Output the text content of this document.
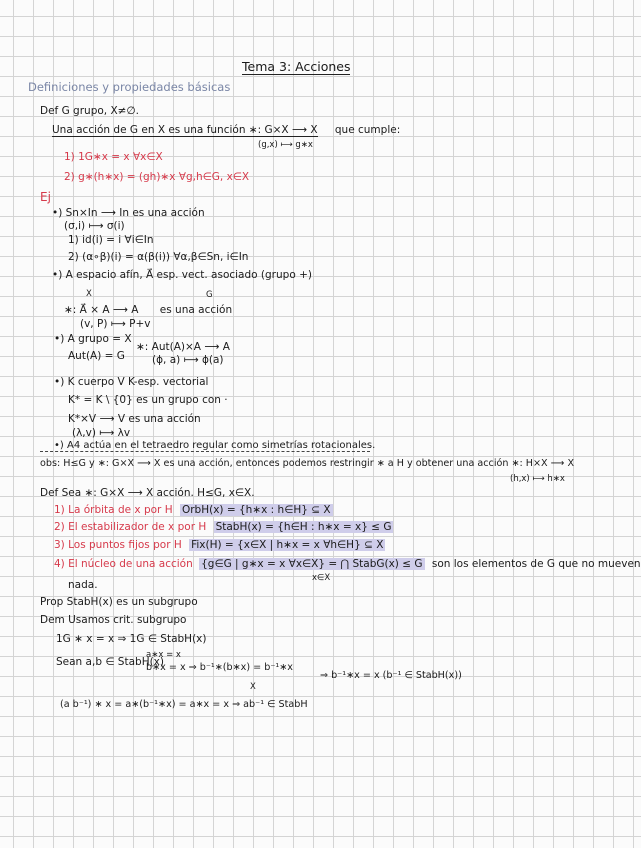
Tema 3: Acciones
Definiciones y propiedades básicas
Def G grupo, X≠∅.
Una acción de G en X es una función ∗: G×X ⟶ X que cumple:
(g,x) ⟼ g∗x
1) 1G∗x = x ∀x∈X
2) g∗(h∗x) = (gh)∗x ∀g,h∈G, x∈X
Ej
•) Sn×In ⟶ In es una acción
(σ,i) ⟼ σ(i)
1) id(i) = i ∀i∈In
2) (α∘β)(i) = α(β(i)) ∀α,β∈Sn, i∈In
•) A espacio afín, A⃗ esp. vect. asociado (grupo +)
X	G
∗: A⃗ × A ⟶ A es una acción
(v, P) ⟼ P+v
•) A grupo = X
Aut(A) = G
∗: Aut(A)×A ⟶ A
(ϕ, a) ⟼ ϕ(a)
•) K cuerpo V K-esp. vectorial
K* = K \ {0} es un grupo con ·
K*×V ⟶ V es una acción
(λ,v) ⟼ λv
•) A4 actúa en el tetraedro regular como simetrías rotacionales.
obs: H≤G y ∗: G×X ⟶ X es una acción, entonces podemos restringir ∗ a H y obtener una acción ∗: H×X ⟶ X
(h,x) ⟼ h∗x
Def Sea ∗: G×X ⟶ X acción. H≤G, x∈X.
1) La órbita de x por H OrbH(x) = {h∗x : h∈H} ⊆ X
2) El estabilizador de x por H StabH(x) = {h∈H : h∗x = x} ≤ G
3) Los puntos fijos por H Fix(H) = {x∈X | h∗x = x ∀h∈H} ⊆ X
4) El núcleo de una acción {g∈G | g∗x = x ∀x∈X} = ⋂ StabG(x) ≤ G son los elementos de G que no mueven
x∈X
nada.
Prop StabH(x) es un subgrupo
Dem Usamos crit. subgrupo
1G ∗ x = x ⇒ 1G ∈ StabH(x)
Sean a,b ∈ StabH(x)
a∗x = x
b∗x = x ⇒ b⁻¹∗(b∗x) = b⁻¹∗x
X
⇒ b⁻¹∗x = x (b⁻¹ ∈ StabH(x))
(a b⁻¹) ∗ x = a∗(b⁻¹∗x) = a∗x = x ⇒ ab⁻¹ ∈ StabH
